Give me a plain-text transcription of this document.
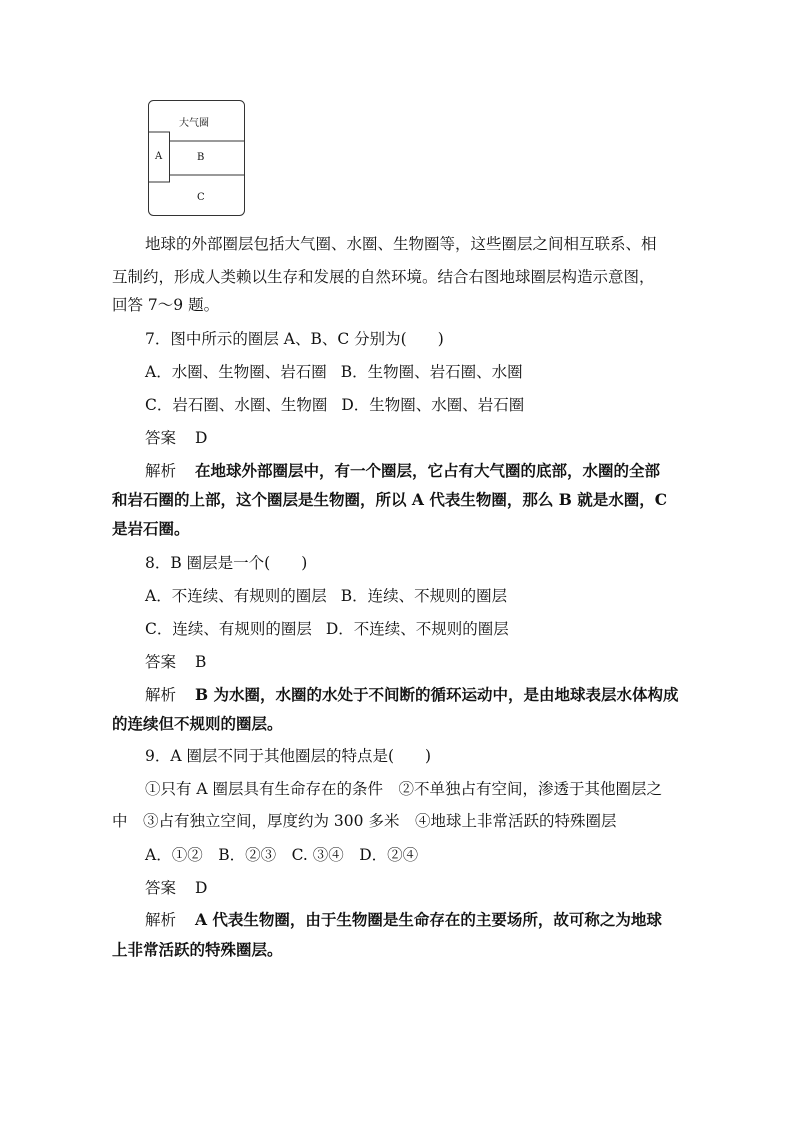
大气圈
A	B
C
地球的外部圈层包括大气圈、水圈、生物圈等，这些圈层之间相互联系、相
互制约，形成人类赖以生存和发展的自然环境。结合右图地球圈层构造示意图，
回答 7～9 题。
7．图中所示的圈层 A、B、C 分别为(　　)
A．水圈、生物圈、岩石圈 B．生物圈、岩石圈、水圈
C．岩石圈、水圈、生物圈 D．生物圈、水圈、岩石圈
答案 D
解析 在地球外部圈层中，有一个圈层，它占有大气圈的底部，水圈的全部
和岩石圈的上部，这个圈层是生物圈，所以 A 代表生物圈，那么 B 就是水圈，C
是岩石圈。
8．B 圈层是一个(　　)
A．不连续、有规则的圈层 B．连续、不规则的圈层
C．连续、有规则的圈层 D．不连续、不规则的圈层
答案 B
解析 B 为水圈，水圈的水处于不间断的循环运动中，是由地球表层水体构成
的连续但不规则的圈层。
9．A 圈层不同于其他圈层的特点是(　　)
①只有 A 圈层具有生命存在的条件　②不单独占有空间，渗透于其他圈层之
中　③占有独立空间，厚度约为 300 多米　④地球上非常活跃的特殊圈层
A．①②　B．②③　C. ③④　D．②④
答案 D
解析 A 代表生物圈，由于生物圈是生命存在的主要场所，故可称之为地球
上非常活跃的特殊圈层。
